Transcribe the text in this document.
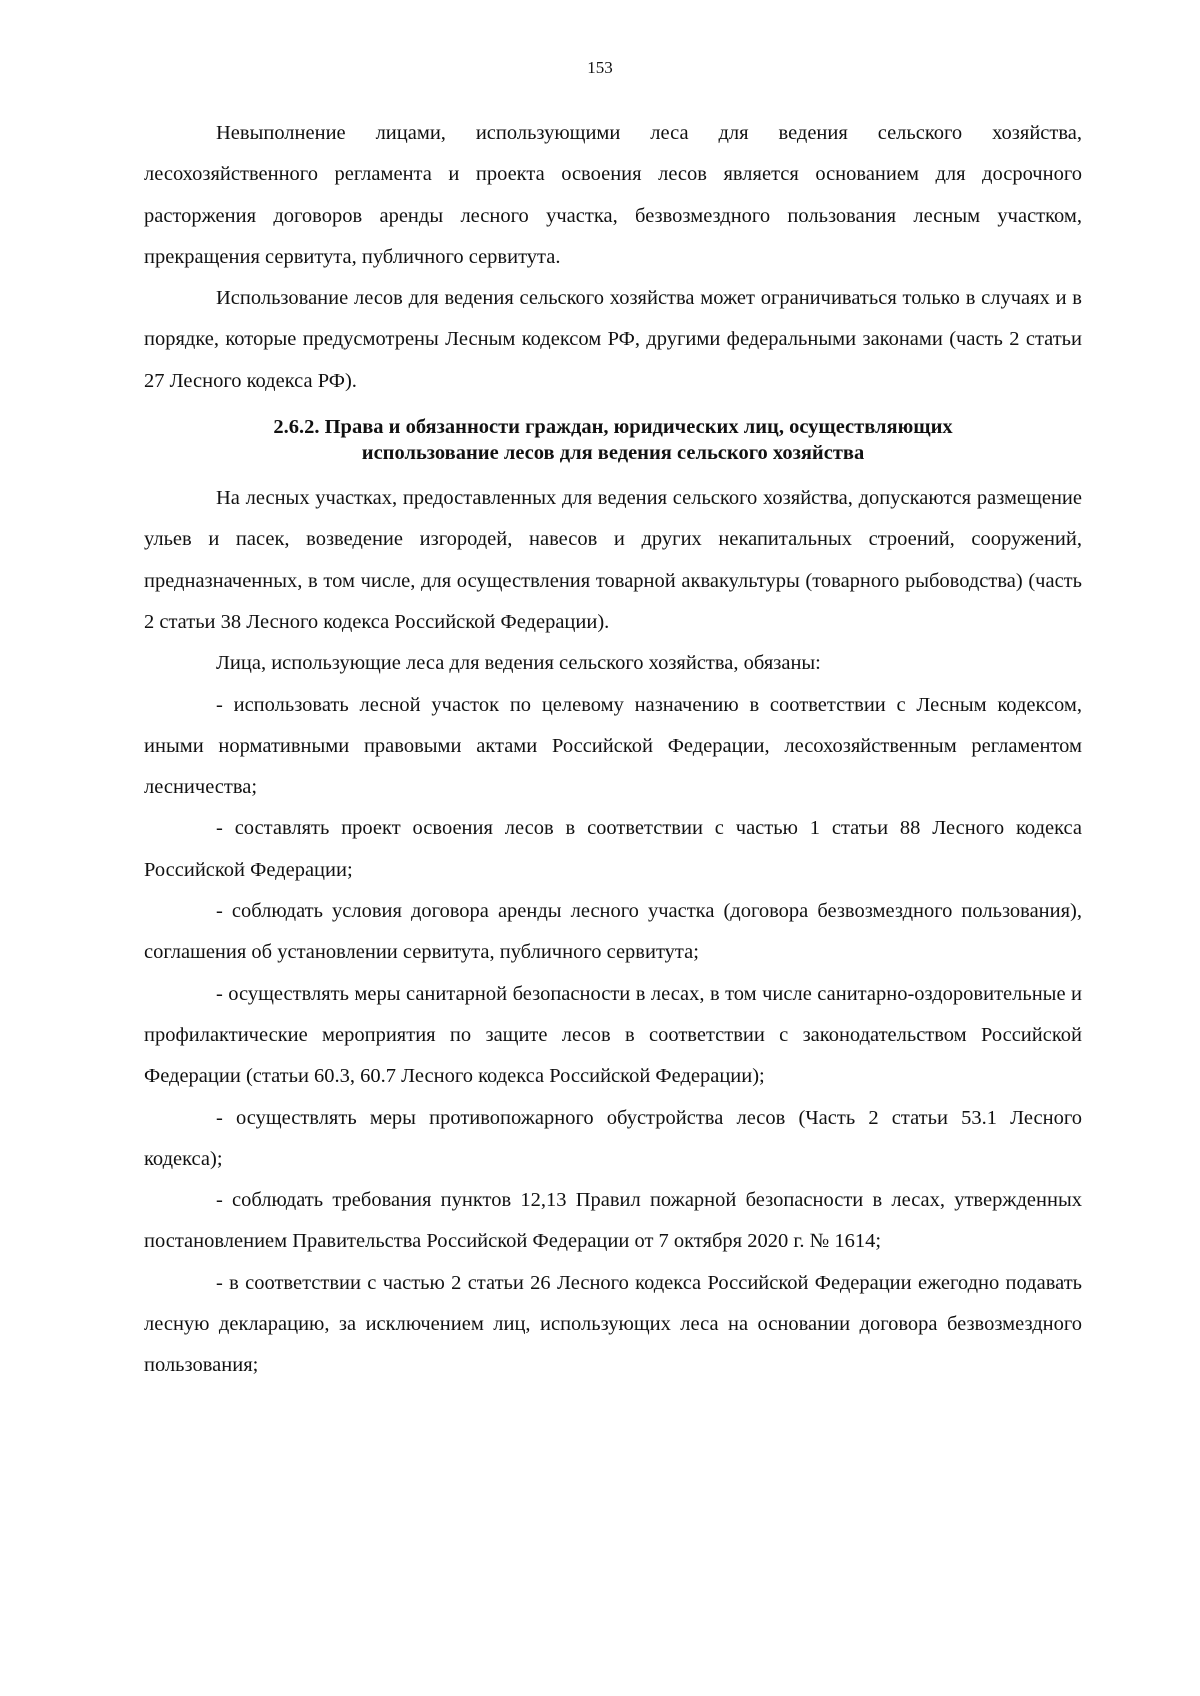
153

Невыполнение лицами, использующими леса для ведения сельского хозяйства, лесохозяйственного регламента и проекта освоения лесов является основанием для досрочного расторжения договоров аренды лесного участка, безвозмездного пользования лесным участком, прекращения сервитута, публичного сервитута.

Использование лесов для ведения сельского хозяйства может ограничиваться только в случаях и в порядке, которые предусмотрены Лесным кодексом РФ, другими федеральными законами (часть 2 статьи 27 Лесного кодекса РФ).

2.6.2. Права и обязанности граждан, юридических лиц, осуществляющих
использование лесов для ведения сельского хозяйства

На лесных участках, предоставленных для ведения сельского хозяйства, допускаются размещение ульев и пасек, возведение изгородей, навесов и других некапитальных строений, сооружений, предназначенных, в том числе, для осуществления товарной аквакультуры (товарного рыбоводства) (часть 2 статьи 38 Лесного кодекса Российской Федерации).

Лица, использующие леса для ведения сельского хозяйства, обязаны:

- использовать лесной участок по целевому назначению в соответствии с Лесным кодексом, иными нормативными правовыми актами Российской Федерации, лесохозяйственным регламентом лесничества;

- составлять проект освоения лесов в соответствии с частью 1 статьи 88 Лесного кодекса Российской Федерации;

- соблюдать условия договора аренды лесного участка (договора безвозмездного пользования), соглашения об установлении сервитута, публичного сервитута;

- осуществлять меры санитарной безопасности в лесах, в том числе санитарно-оздоровительные и профилактические мероприятия по защите лесов в соответствии с законодательством Российской Федерации (статьи 60.3, 60.7 Лесного кодекса Российской Федерации);

- осуществлять меры противопожарного обустройства лесов (Часть 2 статьи 53.1 Лесного кодекса);

- соблюдать требования пунктов 12,13 Правил пожарной безопасности в лесах, утвержденных постановлением Правительства Российской Федерации от 7 октября 2020 г. № 1614;

- в соответствии с частью 2 статьи 26 Лесного кодекса Российской Федерации ежегодно подавать лесную декларацию, за исключением лиц, использующих леса на основании договора безвозмездного пользования;
